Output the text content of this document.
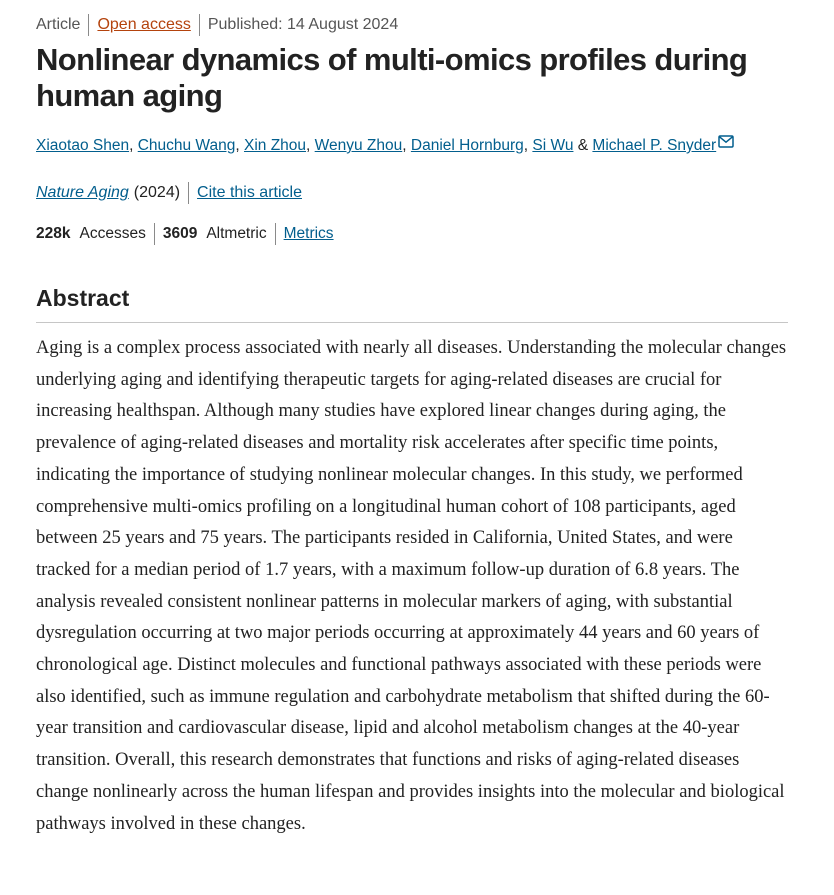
Article Open access Published: 14 August 2024
Nonlinear dynamics of multi-omics profiles during human aging
Xiaotao Shen, Chuchu Wang, Xin Zhou, Wenyu Zhou, Daniel Hornburg, Si Wu & Michael P. Snyder
Nature Aging (2024) Cite this article
228k Accesses 3609 Altmetric Metrics
Abstract

Aging is a complex process associated with nearly all diseases. Understanding the molecular changes underlying aging and identifying therapeutic targets for aging-related diseases are crucial for increasing healthspan. Although many studies have explored linear changes during aging, the prevalence of aging-related diseases and mortality risk accelerates after specific time points, indicating the importance of studying nonlinear molecular changes. In this study, we performed comprehensive multi-omics profiling on a longitudinal human cohort of 108 participants, aged between 25 years and 75 years. The participants resided in California, United States, and were tracked for a median period of 1.7 years, with a maximum follow-up duration of 6.8 years. The analysis revealed consistent nonlinear patterns in molecular markers of aging, with substantial dysregulation occurring at two major periods occurring at approximately 44 years and 60 years of chronological age. Distinct molecules and functional pathways associated with these periods were also identified, such as immune regulation and carbohydrate metabolism that shifted during the 60-year transition and cardiovascular disease, lipid and alcohol metabolism changes at the 40-year transition. Overall, this research demonstrates that functions and risks of aging-related diseases change nonlinearly across the human lifespan and provides insights into the molecular and biological pathways involved in these changes.
